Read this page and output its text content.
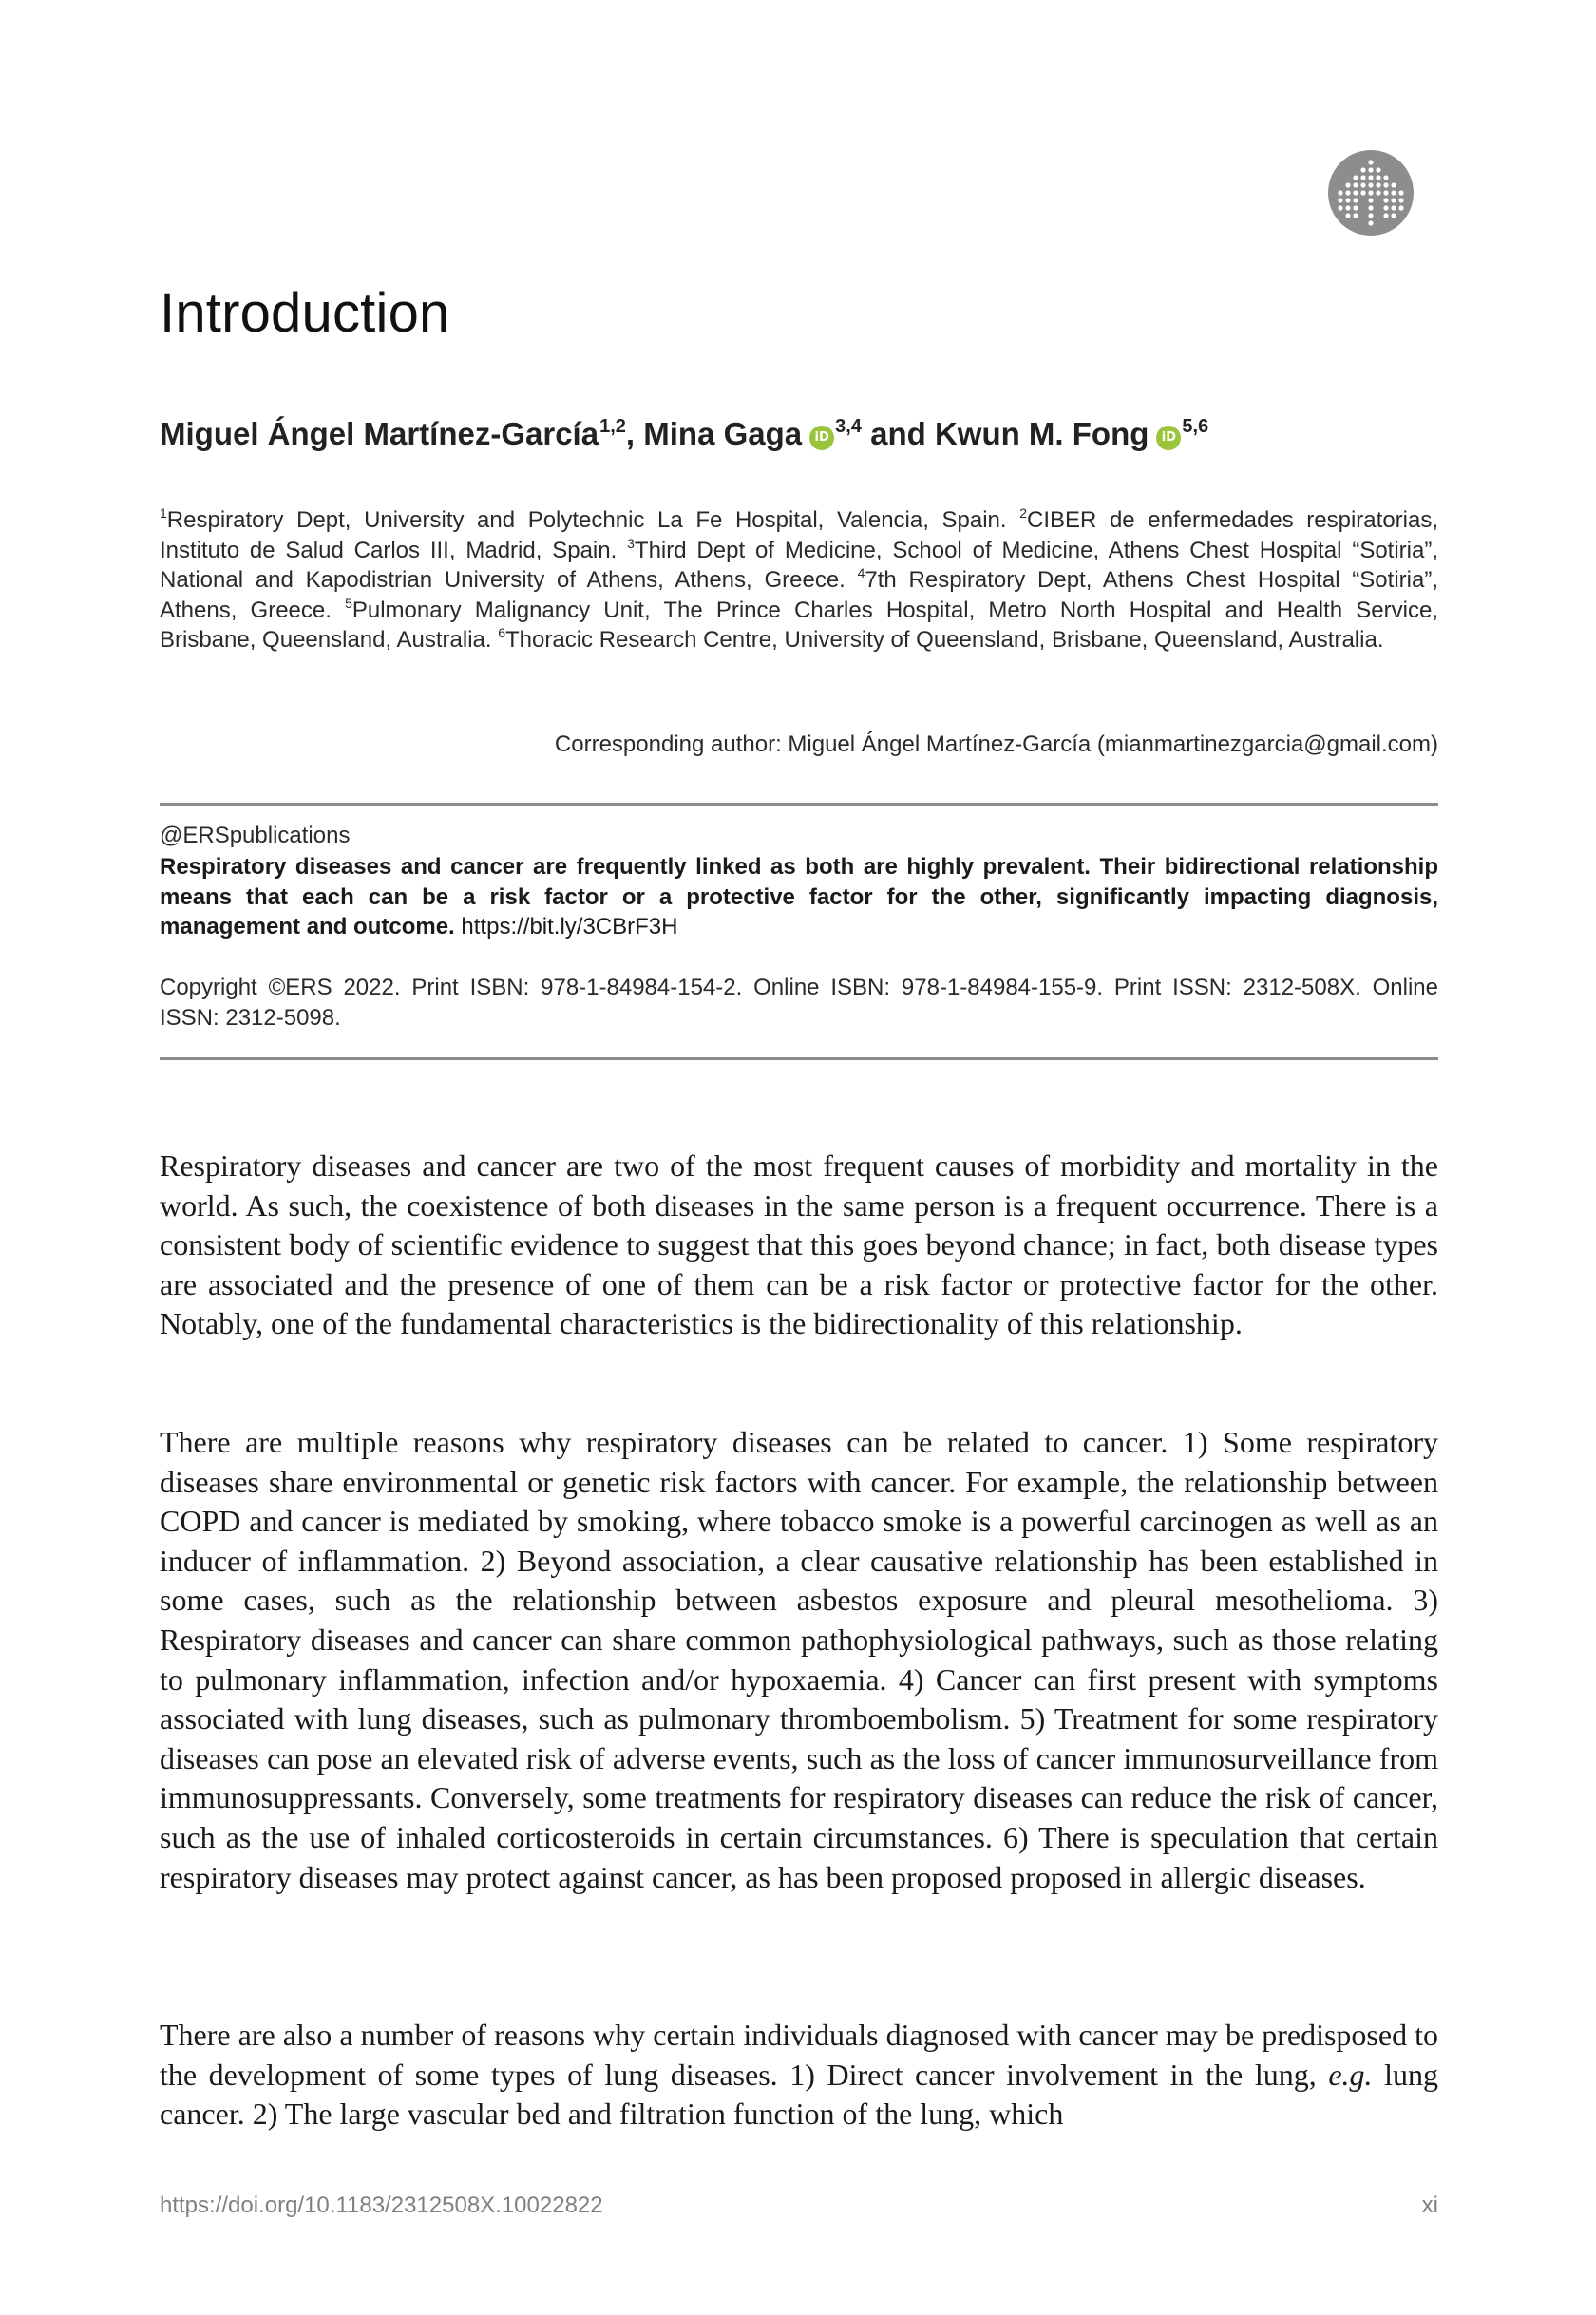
Introduction

Miguel Ángel Martínez-García$^{1,2}$, Mina Gaga iD$^{3,4}$ and Kwun M. Fong iD$^{5,6}$

$^1$Respiratory Dept, University and Polytechnic La Fe Hospital, Valencia, Spain. $^2$CIBER de enfermedades respiratorias, Instituto de Salud Carlos III, Madrid, Spain. $^3$Third Dept of Medicine, School of Medicine, Athens Chest Hospital “Sotiria”, National and Kapodistrian University of Athens, Athens, Greece. $^4$7th Respiratory Dept, Athens Chest Hospital “Sotiria”, Athens, Greece. $^5$Pulmonary Malignancy Unit, The Prince Charles Hospital, Metro North Hospital and Health Service, Brisbane, Queensland, Australia. $^6$Thoracic Research Centre, University of Queensland, Brisbane, Queensland, Australia.

Corresponding author: Miguel Ángel Martínez-García (mianmartinezgarcia@gmail.com)

@ERSpublications

Respiratory diseases and cancer are frequently linked as both are highly prevalent. Their bidirectional relationship means that each can be a risk factor or a protective factor for the other, significantly impacting diagnosis, management and outcome. https://bit.ly/3CBrF3H

Copyright ©ERS 2022. Print ISBN: 978-1-84984-154-2. Online ISBN: 978-1-84984-155-9. Print ISSN: 2312-508X. Online ISSN: 2312-5098.

Respiratory diseases and cancer are two of the most frequent causes of morbidity and mortality in the world. As such, the coexistence of both diseases in the same person is a frequent occurrence. There is a consistent body of scientific evidence to suggest that this goes beyond chance; in fact, both disease types are associated and the presence of one of them can be a risk factor or protective factor for the other. Notably, one of the fundamental characteristics is the bidirectionality of this relationship.

There are multiple reasons why respiratory diseases can be related to cancer. 1) Some respiratory diseases share environmental or genetic risk factors with cancer. For example, the relationship between COPD and cancer is mediated by smoking, where tobacco smoke is a powerful carcinogen as well as an inducer of inflammation. 2) Beyond association, a clear causative relationship has been established in some cases, such as the relationship between asbestos exposure and pleural mesothelioma. 3) Respiratory diseases and cancer can share common pathophysiological pathways, such as those relating to pulmonary inflammation, infection and/or hypoxaemia. 4) Cancer can first present with symptoms associated with lung diseases, such as pulmonary thromboembolism. 5) Treatment for some respiratory diseases can pose an elevated risk of adverse events, such as the loss of cancer immunosurveillance from immunosuppressants. Conversely, some treatments for respiratory diseases can reduce the risk of cancer, such as the use of inhaled corticosteroids in certain circumstances. 6) There is speculation that certain respiratory diseases may protect against cancer, as has been proposed proposed in allergic diseases.

There are also a number of reasons why certain individuals diagnosed with cancer may be predisposed to the development of some types of lung diseases. 1) Direct cancer involvement in the lung, e.g. lung cancer. 2) The large vascular bed and filtration function of the lung, which

https://doi.org/10.1183/2312508X.10022822	xi
